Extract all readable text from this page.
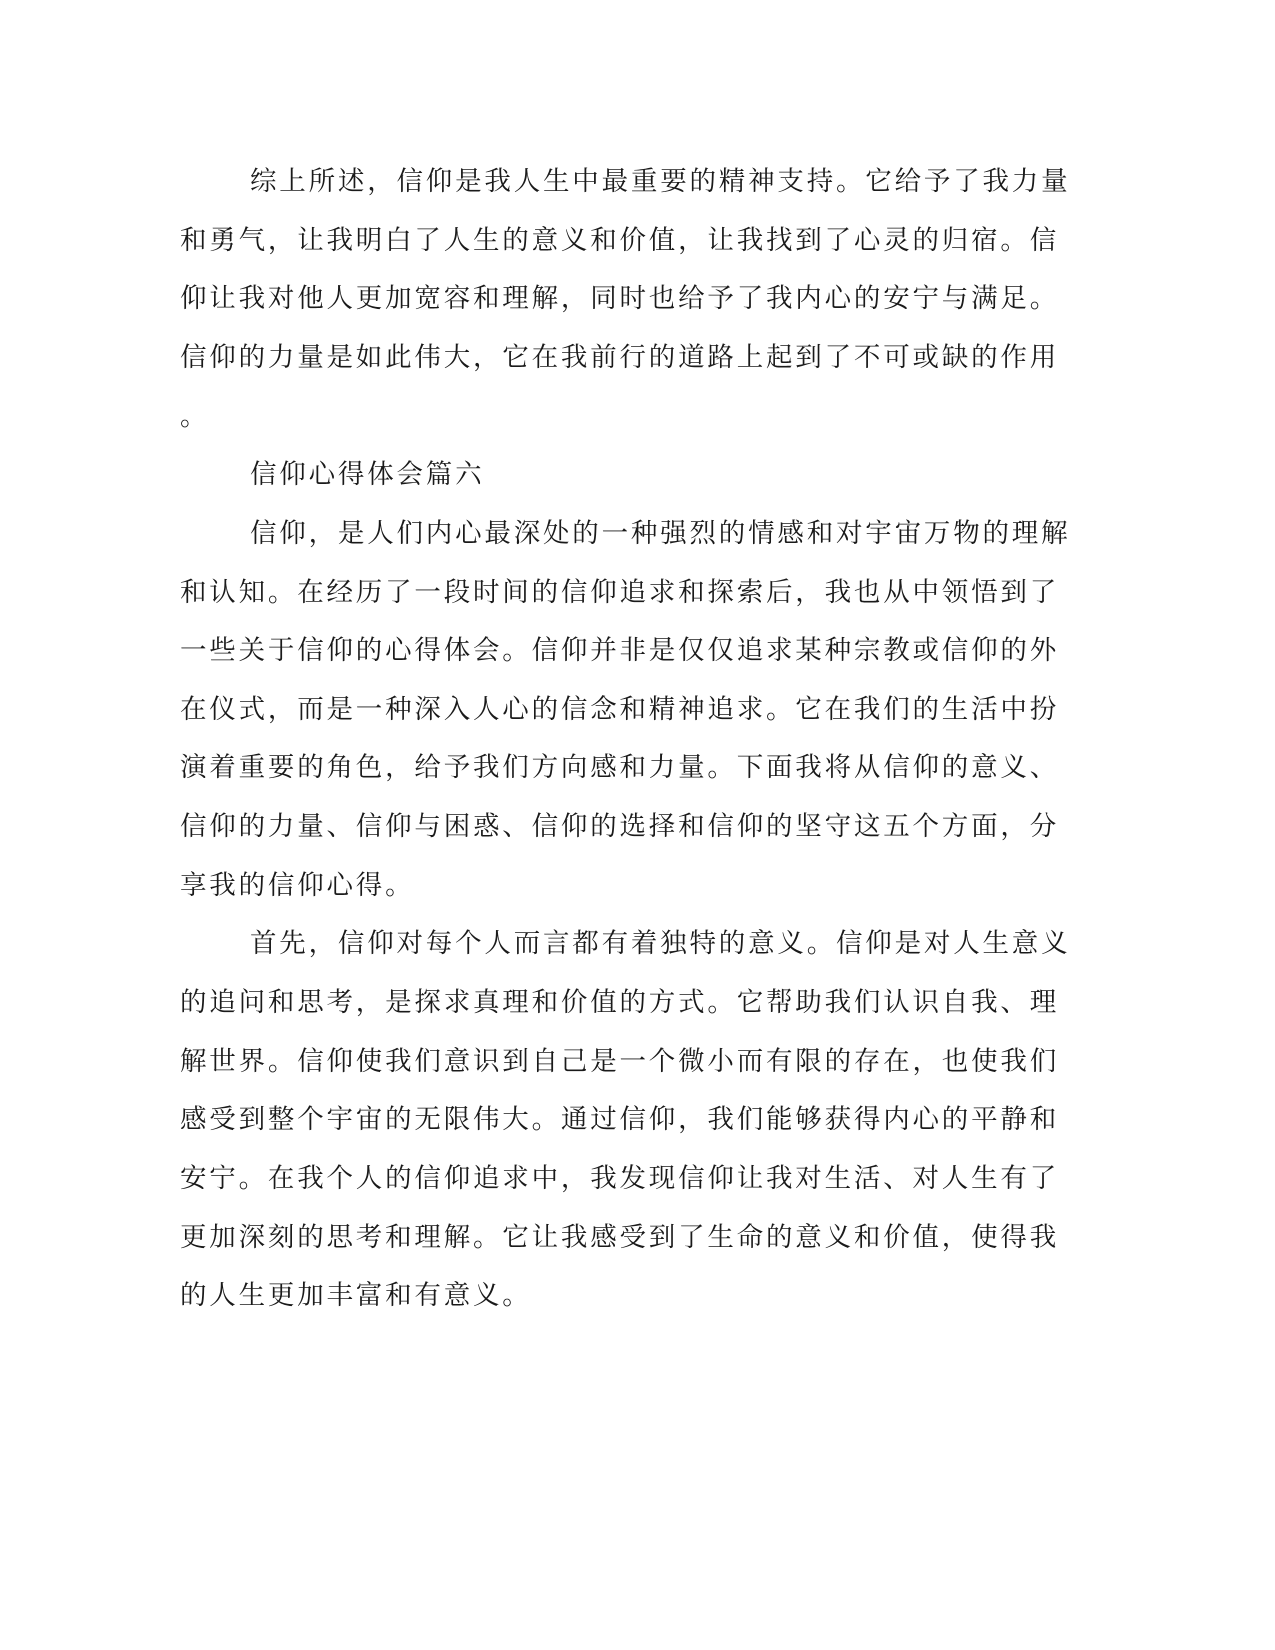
综上所述，信仰是我人生中最重要的精神支持。它给予了我力量
和勇气，让我明白了人生的意义和价值，让我找到了心灵的归宿。信
仰让我对他人更加宽容和理解，同时也给予了我内心的安宁与满足。
信仰的力量是如此伟大，它在我前行的道路上起到了不可或缺的作用
。
信仰心得体会篇六
信仰，是人们内心最深处的一种强烈的情感和对宇宙万物的理解
和认知。在经历了一段时间的信仰追求和探索后，我也从中领悟到了
一些关于信仰的心得体会。信仰并非是仅仅追求某种宗教或信仰的外
在仪式，而是一种深入人心的信念和精神追求。它在我们的生活中扮
演着重要的角色，给予我们方向感和力量。下面我将从信仰的意义、
信仰的力量、信仰与困惑、信仰的选择和信仰的坚守这五个方面，分
享我的信仰心得。
首先，信仰对每个人而言都有着独特的意义。信仰是对人生意义
的追问和思考，是探求真理和价值的方式。它帮助我们认识自我、理
解世界。信仰使我们意识到自己是一个微小而有限的存在，也使我们
感受到整个宇宙的无限伟大。通过信仰，我们能够获得内心的平静和
安宁。在我个人的信仰追求中，我发现信仰让我对生活、对人生有了
更加深刻的思考和理解。它让我感受到了生命的意义和价值，使得我
的人生更加丰富和有意义。
